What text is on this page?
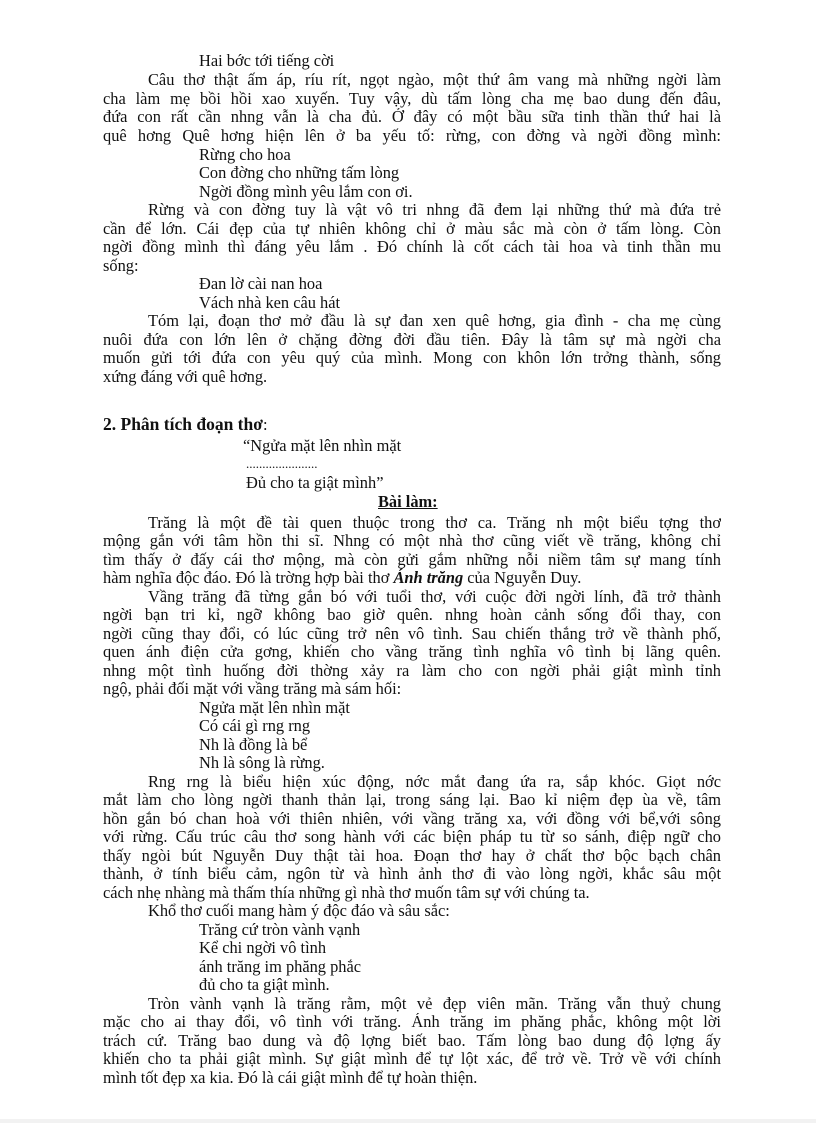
Hai bớc tới tiếng cời
Câu thơ thật ấm áp, ríu rít, ngọt ngào, một thứ âm vang mà những ngời làm
cha làm mẹ bồi hồi xao xuyến. Tuy vậy, dù tấm lòng cha mẹ bao dung đến đâu,
đứa con rất cần nhng vẫn là cha đủ. Ở đây có một bầu sữa tinh thần thứ hai là
quê hơng Quê hơng hiện lên ở ba yếu tố: rừng, con đờng và ngời đồng mình:
Rừng cho hoa
Con đờng cho những tấm lòng
Ngời đồng mình yêu lắm con ơi.
Rừng và con đờng tuy là vật vô tri nhng đã đem lại những thứ mà đứa trẻ
cần để lớn. Cái đẹp của tự nhiên không chỉ ở màu sắc mà còn ở tấm lòng. Còn
ngời đồng mình thì đáng yêu lắm . Đó chính là cốt cách tài hoa và tinh thần mu
sống:
Đan lờ cài nan hoa
Vách nhà ken câu hát
Tóm lại, đoạn thơ mở đầu là sự đan xen quê hơng, gia đình - cha mẹ cùng
nuôi đứa con lớn lên ở chặng đờng đời đầu tiên. Đây là tâm sự mà ngời cha
muốn gửi tới đứa con yêu quý của mình. Mong con khôn lớn trởng thành, sống
xứng đáng với quê hơng.
2. Phân tích đoạn thơ:
“Ngửa mặt lên nhìn mặt
......................
Đủ cho ta giật mình”
Bài làm:
Trăng là một đề tài quen thuộc trong thơ ca. Trăng nh một biểu tợng thơ
mộng gắn với tâm hồn thi sĩ. Nhng có một nhà thơ cũng viết về trăng, không chỉ
tìm thấy ở đấy cái thơ mộng, mà còn gửi gắm những nỗi niềm tâm sự mang tính
hàm nghĩa độc đáo. Đó là trờng hợp bài thơ Ánh trăng của Nguyễn Duy.
Vầng trăng đã từng gắn bó với tuổi thơ, với cuộc đời ngời lính, đã trở thành
ngời bạn tri kỉ, ngỡ không bao giờ quên. nhng hoàn cảnh sống đổi thay, con
ngời cũng thay đổi, có lúc cũng trở nên vô tình. Sau chiến thắng trở về thành phố,
quen ánh điện cửa gơng, khiến cho vầng trăng tình nghĩa vô tình bị lãng quên.
nhng một tình huống đời thờng xảy ra làm cho con ngời phải giật mình tỉnh
ngộ, phải đối mặt với vầng trăng mà sám hối:
Ngửa mặt lên nhìn mặt
Có cái gì rng rng
Nh là đồng là bể
Nh là sông là rừng.
Rng rng là biểu hiện xúc động, nớc mắt đang ứa ra, sắp khóc. Giọt nớc
mắt làm cho lòng ngời thanh thản lại, trong sáng lại. Bao kỉ niệm đẹp ùa về, tâm
hồn gắn bó chan hoà với thiên nhiên, với vầng trăng xa, với đồng với bể,với sông
với rừng. Cấu trúc câu thơ song hành với các biện pháp tu từ so sánh, điệp ngữ cho
thấy ngòi bút Nguyễn Duy thật tài hoa. Đoạn thơ hay ở chất thơ bộc bạch chân
thành, ở tính biểu cảm, ngôn từ và hình ảnh thơ đi vào lòng ngời, khắc sâu một
cách nhẹ nhàng mà thấm thía những gì nhà thơ muốn tâm sự với chúng ta.
Khổ thơ cuối mang hàm ý độc đáo và sâu sắc:
Trăng cứ tròn vành vạnh
Kể chi ngời vô tình
ánh trăng im phăng phắc
đủ cho ta giật mình.
Tròn vành vạnh là trăng rằm, một vẻ đẹp viên mãn. Trăng vẫn thuỷ chung
mặc cho ai thay đổi, vô tình với trăng. Ánh trăng im phăng phắc, không một lời
trách cứ. Trăng bao dung và độ lợng biết bao. Tấm lòng bao dung độ lợng ấy
khiến cho ta phải giật mình. Sự giật mình để tự lột xác, để trở về. Trở về với chính
mình tốt đẹp xa kia. Đó là cái giật mình để tự hoàn thiện.
